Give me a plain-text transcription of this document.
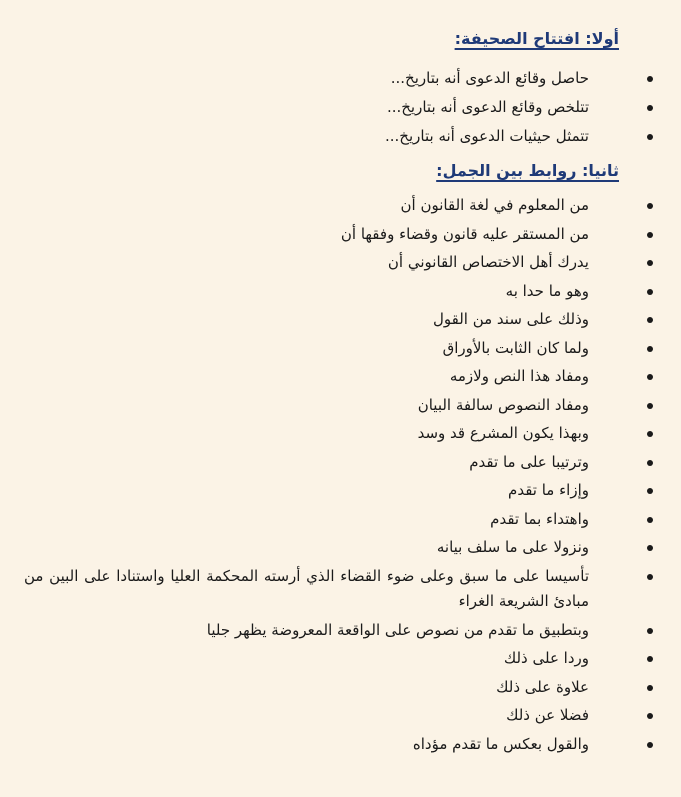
أولا: افتتاح الصحيفة:
حاصل وقائع الدعوى أنه بتاريخ...
تتلخص وقائع الدعوى أنه بتاريخ...
تتمثل حيثيات الدعوى أنه بتاريخ...
ثانيا: روابط بين الجمل:
من المعلوم في لغة القانون أن
من المستقر عليه قانون وقضاء وفقها أن
يدرك أهل الاختصاص القانوني أن
وهو ما حدا به
وذلك على سند من القول
ولما كان الثابت بالأوراق
ومفاد هذا النص ولازمه
ومفاد النصوص سالفة البيان
وبهذا يكون المشرع قد وسد
وترتيبا على ما تقدم
وإزاء ما تقدم
واهتداء بما تقدم
ونزولا على ما سلف بيانه
تأسيسا على ما سبق وعلى ضوء القضاء الذي أرسته المحكمة العليا واستنادا على البين من مبادئ الشريعة الغراء
وبتطبيق ما تقدم من نصوص على الواقعة المعروضة يظهر جليا
وردا على ذلك
علاوة على ذلك
فضلا عن ذلك
والقول بعكس ما تقدم مؤداه
